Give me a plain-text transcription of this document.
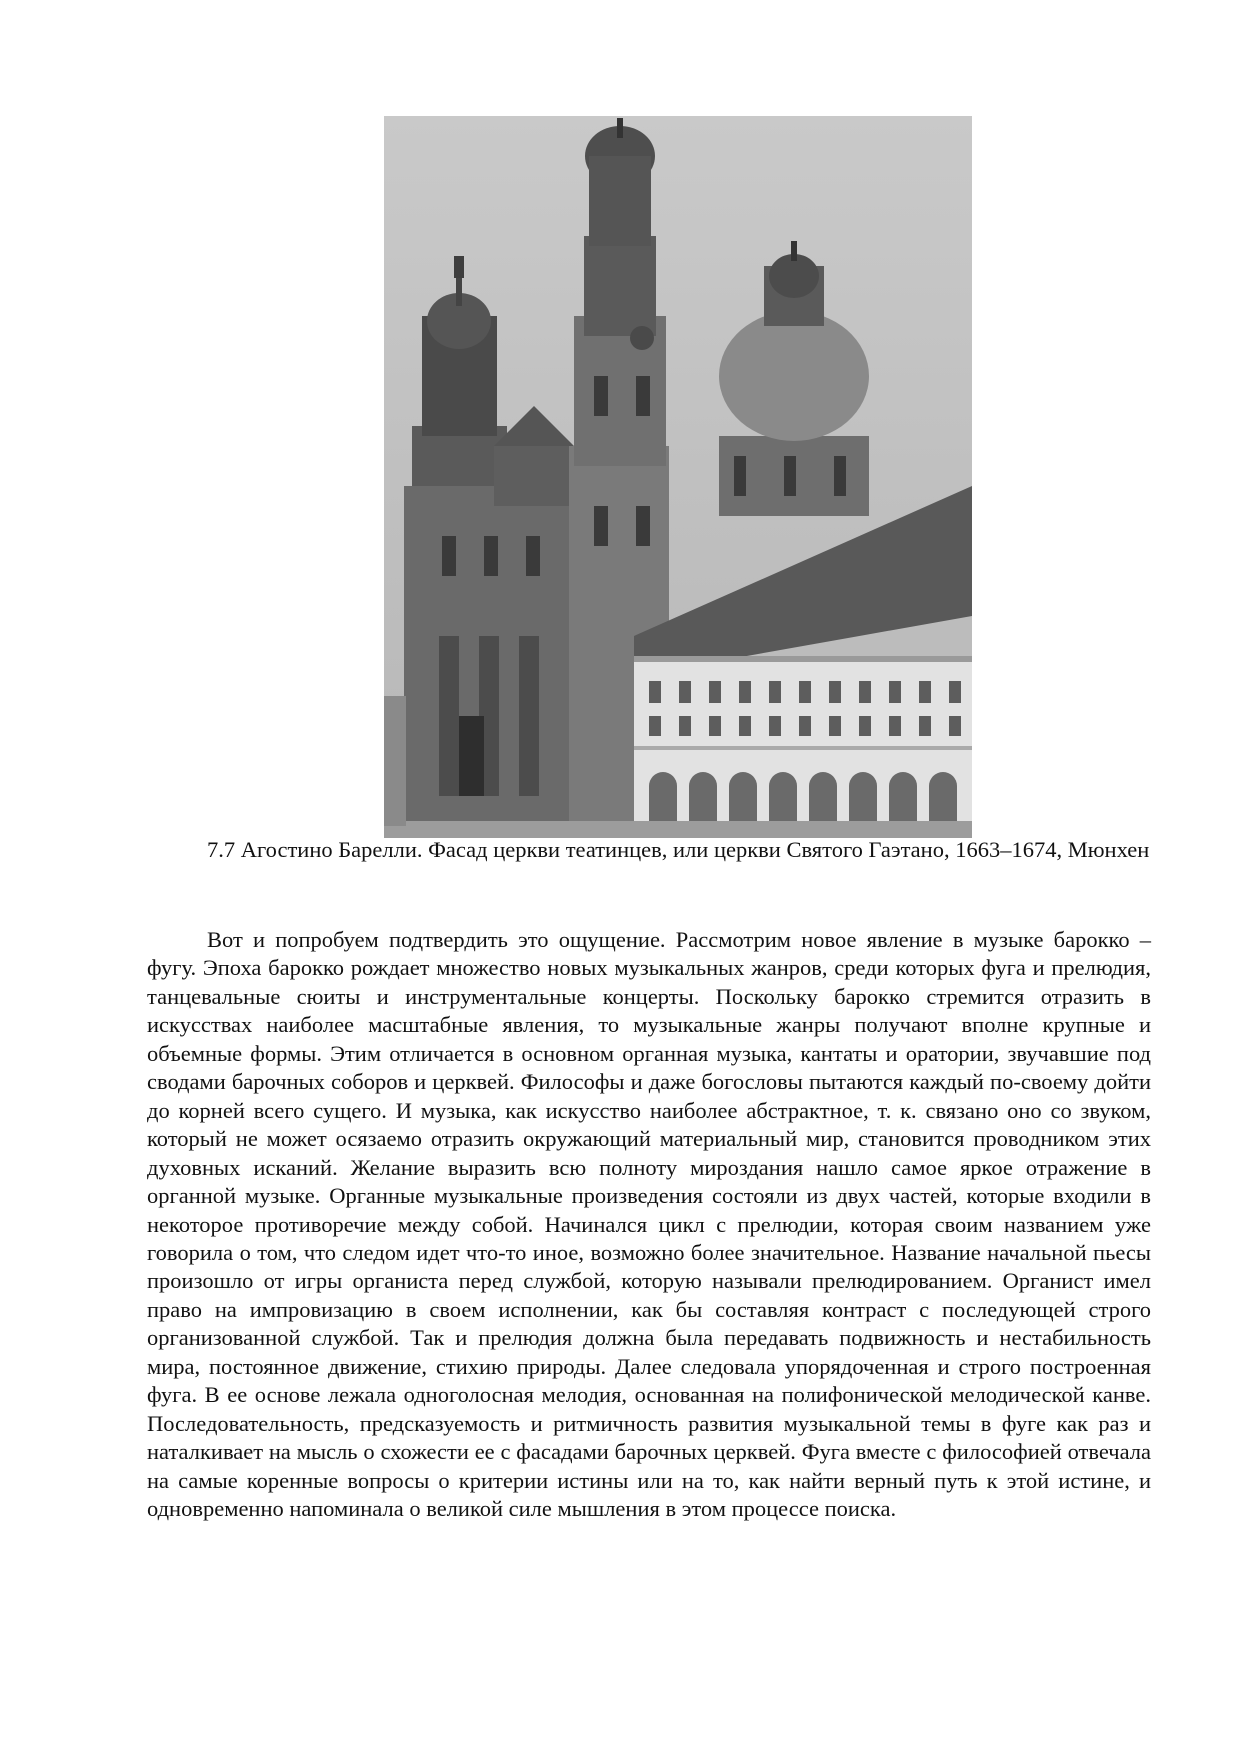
7.7 Агостино Барелли. Фасад церкви театинцев, или церкви Святого Гаэтано, 1663–1674, Мюнхен

Вот и попробуем подтвердить это ощущение. Рассмотрим новое явление в музыке барокко – фугу. Эпоха барокко рождает множество новых музыкальных жанров, среди которых фуга и прелюдия, танцевальные сюиты и инструментальные концерты. Поскольку барокко стремится отразить в искусствах наиболее масштабные явления, то музыкальные жанры получают вполне крупные и объемные формы. Этим отличается в основном органная музыка, кантаты и оратории, звучавшие под сводами барочных соборов и церквей. Философы и даже богословы пытаются каждый по-своему дойти до корней всего сущего. И музыка, как искусство наиболее абстрактное, т. к. связано оно со звуком, который не может осязаемо отразить окружающий материальный мир, становится проводником этих духовных исканий. Желание выразить всю полноту мироздания нашло самое яркое отражение в органной музыке. Органные музыкальные произведения состояли из двух частей, которые входили в некоторое противоречие между собой. Начинался цикл с прелюдии, которая своим названием уже говорила о том, что следом идет что-то иное, возможно более значительное. Название начальной пьесы произошло от игры органиста перед службой, которую называли прелюдированием. Органист имел право на импровизацию в своем исполнении, как бы составляя контраст с последующей строго организованной службой. Так и прелюдия должна была передавать подвижность и нестабильность мира, постоянное движение, стихию природы. Далее следовала упорядоченная и строго построенная фуга. В ее основе лежала одноголосная мелодия, основанная на полифонической мелодической канве. Последовательность, предсказуемость и ритмичность развития музыкальной темы в фуге как раз и наталкивает на мысль о схожести ее с фасадами барочных церквей. Фуга вместе с философией отвечала на самые коренные вопросы о критерии истины или на то, как найти верный путь к этой истине, и одновременно напоминала о великой силе мышления в этом процессе поиска.
